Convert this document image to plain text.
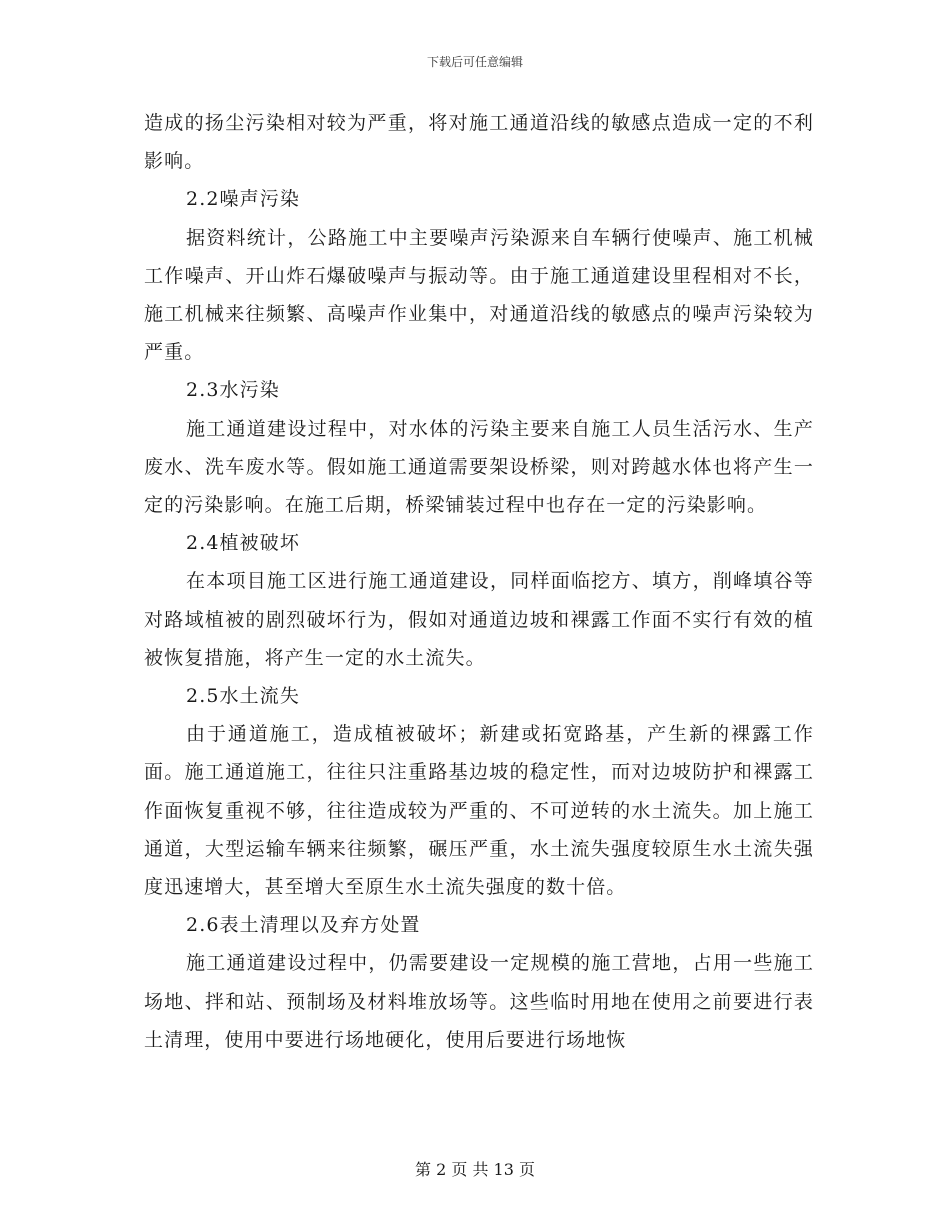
下载后可任意编辑

造成的扬尘污染相对较为严重，将对施工通道沿线的敏感点造成一定的不利影响。

2.2噪声污染

据资料统计，公路施工中主要噪声污染源来自车辆行使噪声、施工机械工作噪声、开山炸石爆破噪声与振动等。由于施工通道建设里程相对不长，施工机械来往频繁、高噪声作业集中，对通道沿线的敏感点的噪声污染较为严重。

2.3水污染

施工通道建设过程中，对水体的污染主要来自施工人员生活污水、生产废水、洗车废水等。假如施工通道需要架设桥梁，则对跨越水体也将产生一定的污染影响。在施工后期，桥梁铺装过程中也存在一定的污染影响。

2.4植被破坏

在本项目施工区进行施工通道建设，同样面临挖方、填方，削峰填谷等对路域植被的剧烈破坏行为，假如对通道边坡和裸露工作面不实行有效的植被恢复措施，将产生一定的水土流失。

2.5水土流失

由于通道施工，造成植被破坏；新建或拓宽路基，产生新的裸露工作面。施工通道施工，往往只注重路基边坡的稳定性，而对边坡防护和裸露工作面恢复重视不够，往往造成较为严重的、不可逆转的水土流失。加上施工通道，大型运输车辆来往频繁，碾压严重，水土流失强度较原生水土流失强度迅速增大，甚至增大至原生水土流失强度的数十倍。

2.6表土清理以及弃方处置

施工通道建设过程中，仍需要建设一定规模的施工营地，占用一些施工场地、拌和站、预制场及材料堆放场等。这些临时用地在使用之前要进行表土清理，使用中要进行场地硬化，使用后要进行场地恢

第 2 页 共 13 页
